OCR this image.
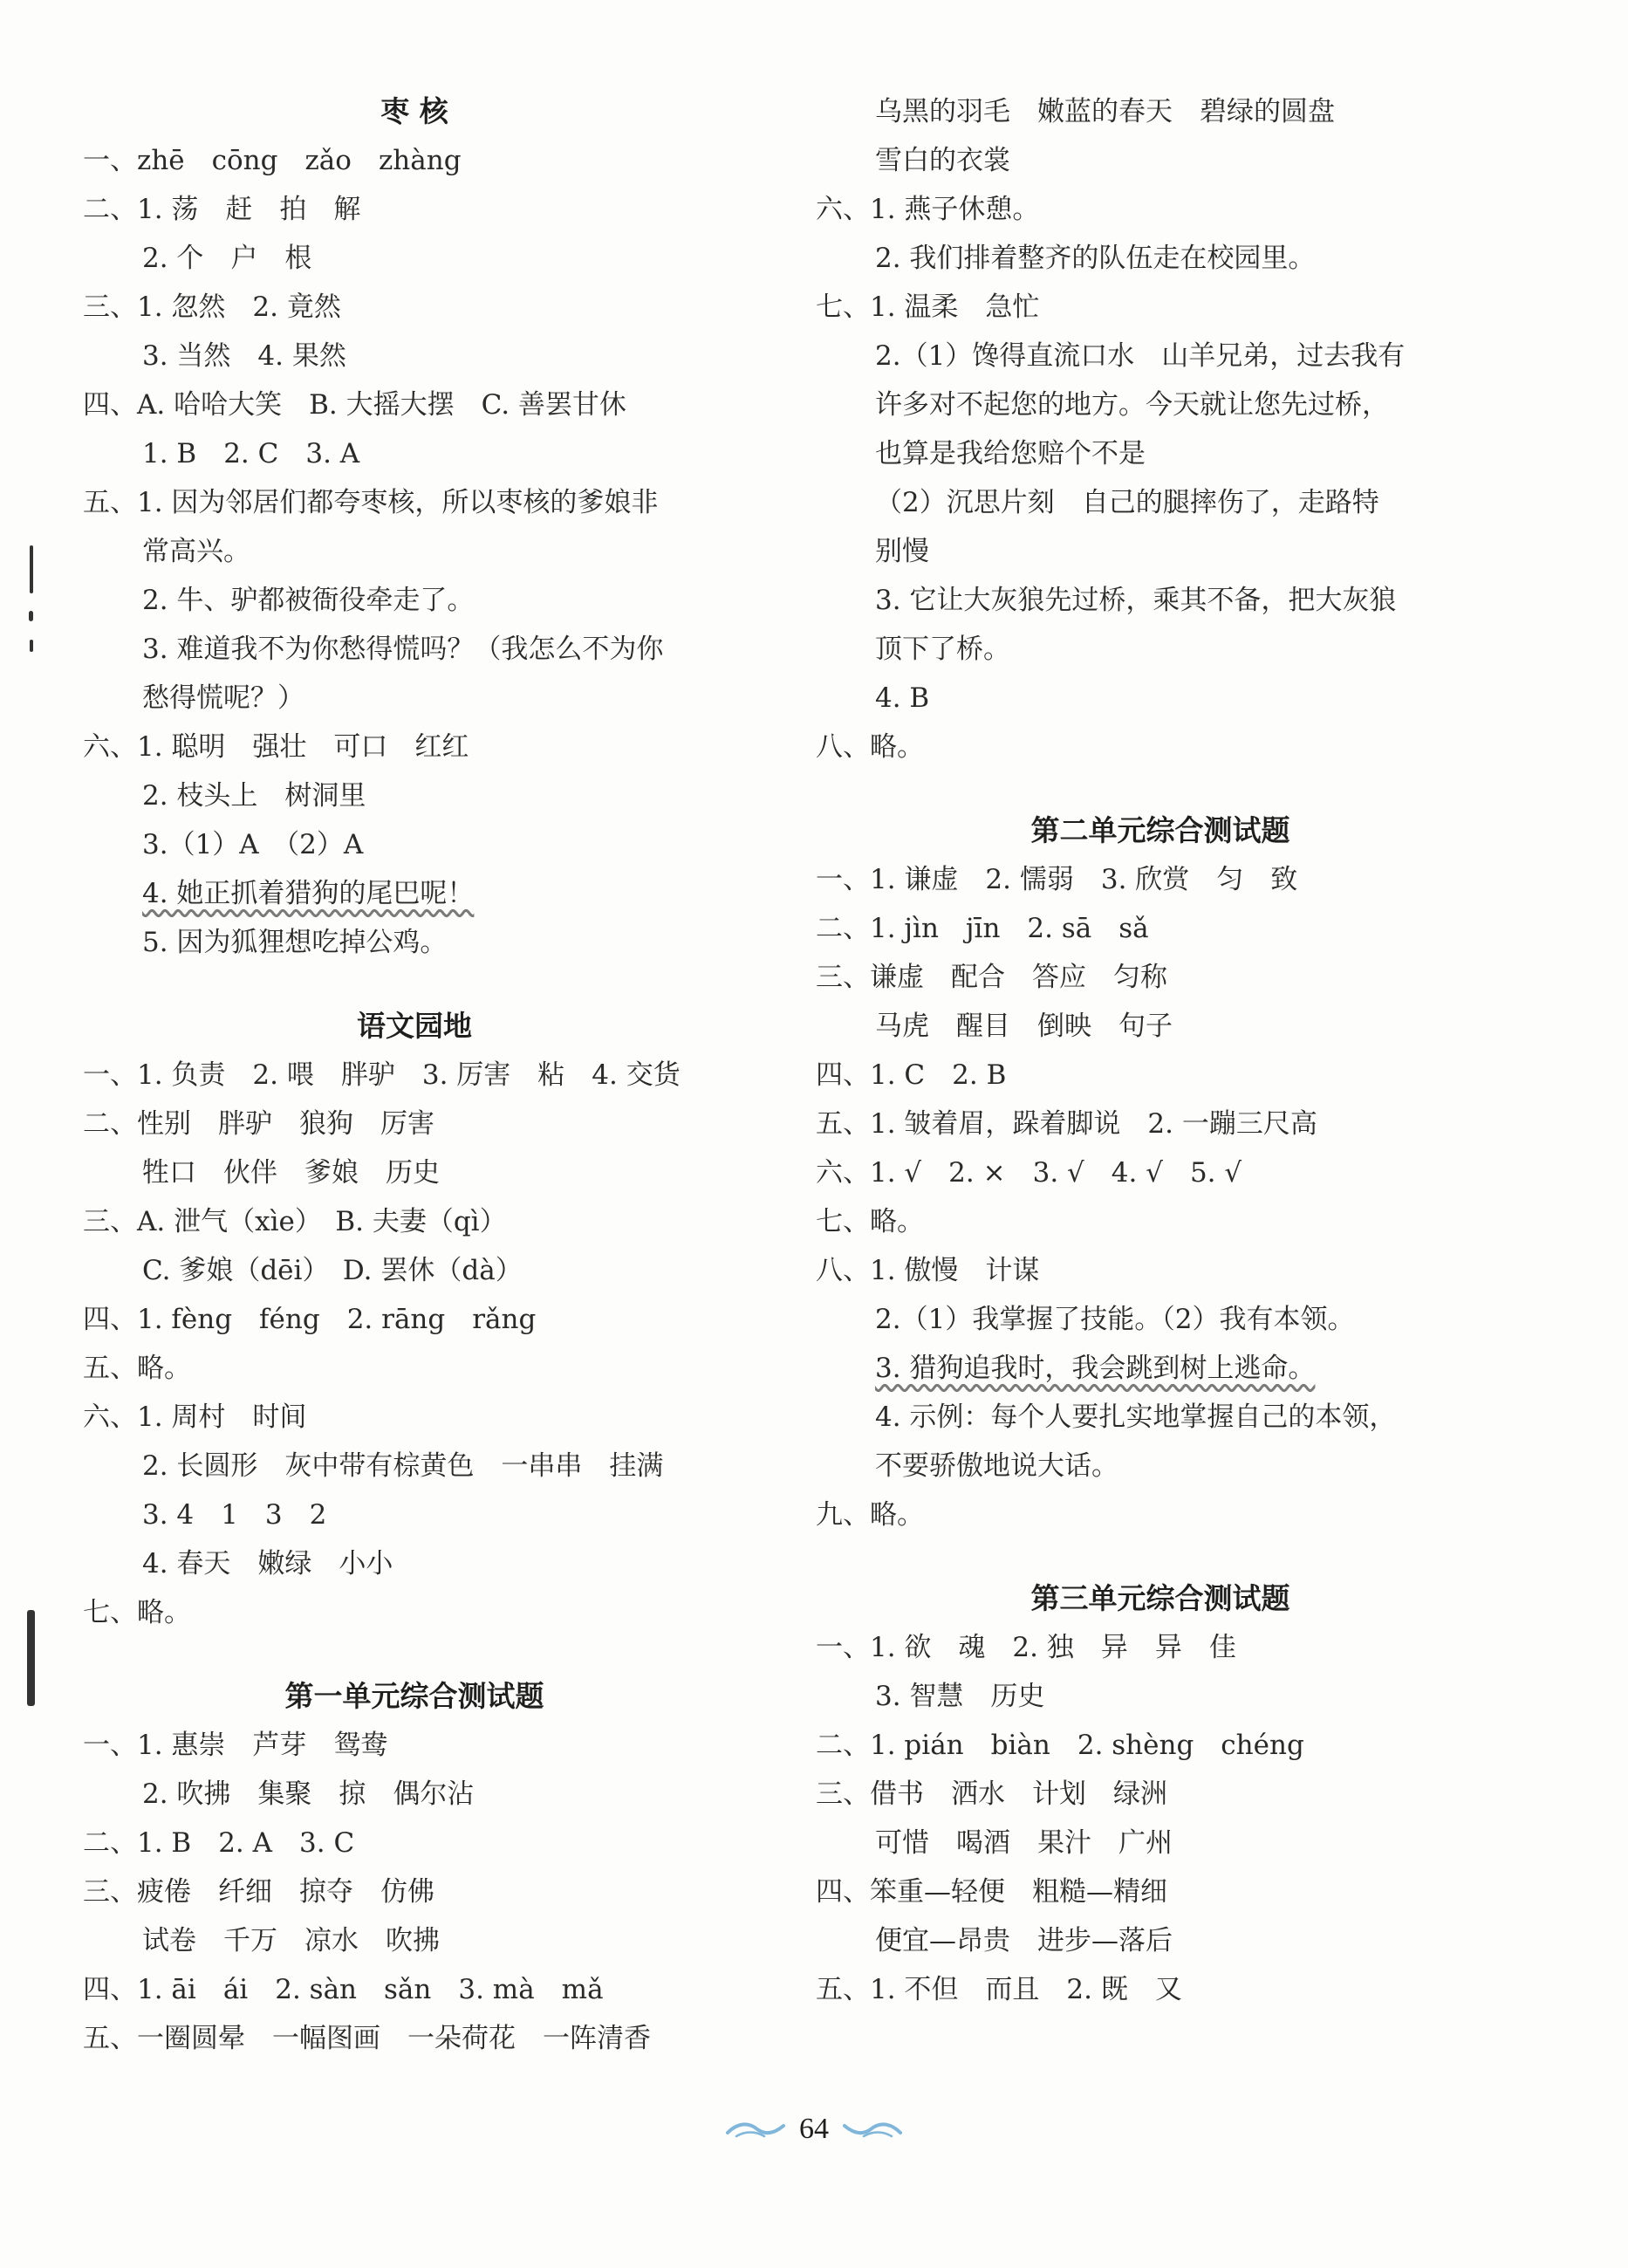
枣 核
一、zhē　cōng　zǎo　zhàng
二、1. 荡　赶　拍　解
2. 个　户　根
三、1. 忽然　2. 竟然
3. 当然　4. 果然
四、A. 哈哈大笑　B. 大摇大摆　C. 善罢甘休
1. B　2. C　3. A
五、1. 因为邻居们都夸枣核，所以枣核的爹娘非
常高兴。
2. 牛、驴都被衙役牵走了。
3. 难道我不为你愁得慌吗？（我怎么不为你
愁得慌呢？）
六、1. 聪明　强壮　可口　红红
2. 枝头上　树洞里
3.（1）A　（2）A
4. 她正抓着猎狗的尾巴呢！
5. 因为狐狸想吃掉公鸡。
语文园地
一、1. 负责　2. 喂　胖驴　3. 厉害　粘　4. 交货
二、性别　胖驴　狼狗　厉害
牲口　伙伴　爹娘　历史
三、A. 泄气（xìe）　B. 夫妻（qì）
C. 爹娘（dēi）　D. 罢休（dà）
四、1. fèng　féng　2. rāng　rǎng
五、略。
六、1. 周村　时间
2. 长圆形　灰中带有棕黄色　一串串　挂满
3. 4　1　3　2
4. 春天　嫩绿　小小
七、略。
第一单元综合测试题
一、1. 惠崇　芦芽　鸳鸯
2. 吹拂　集聚　掠　偶尔沾
二、1. B　2. A　3. C
三、疲倦　纤细　掠夺　仿佛
试卷　千万　凉水　吹拂
四、1. āi　ái　2. sàn　sǎn　3. mà　mǎ
五、一圈圆晕　一幅图画　一朵荷花　一阵清香
乌黑的羽毛　嫩蓝的春天　碧绿的圆盘
雪白的衣裳
六、1. 燕子休憩。
2. 我们排着整齐的队伍走在校园里。
七、1. 温柔　急忙
2.（1）馋得直流口水　山羊兄弟，过去我有
许多对不起您的地方。今天就让您先过桥，
也算是我给您赔个不是
（2）沉思片刻　自己的腿摔伤了，走路特
别慢
3. 它让大灰狼先过桥，乘其不备，把大灰狼
顶下了桥。
4. B
八、略。
第二单元综合测试题
一、1. 谦虚　2. 懦弱　3. 欣赏　匀　致
二、1. jìn　jīn　2. sā　sǎ
三、谦虚　配合　答应　匀称
马虎　醒目　倒映　句子
四、1. C　2. B
五、1. 皱着眉，跺着脚说　2. 一蹦三尺高
六、1. √　2. ×　3. √　4. √　5. √
七、略。
八、1. 傲慢　计谋
2.（1）我掌握了技能。（2）我有本领。
3. 猎狗追我时，我会跳到树上逃命。
4. 示例：每个人要扎实地掌握自己的本领，
不要骄傲地说大话。
九、略。
第三单元综合测试题
一、1. 欲　魂　2. 独　异　异　佳
3. 智慧　历史
二、1. pián　biàn　2. shèng　chéng
三、借书　洒水　计划　绿洲
可惜　喝酒　果汁　广州
四、笨重—轻便　粗糙—精细
便宜—昂贵　进步—落后
五、1. 不但　而且　2. 既　又
64
